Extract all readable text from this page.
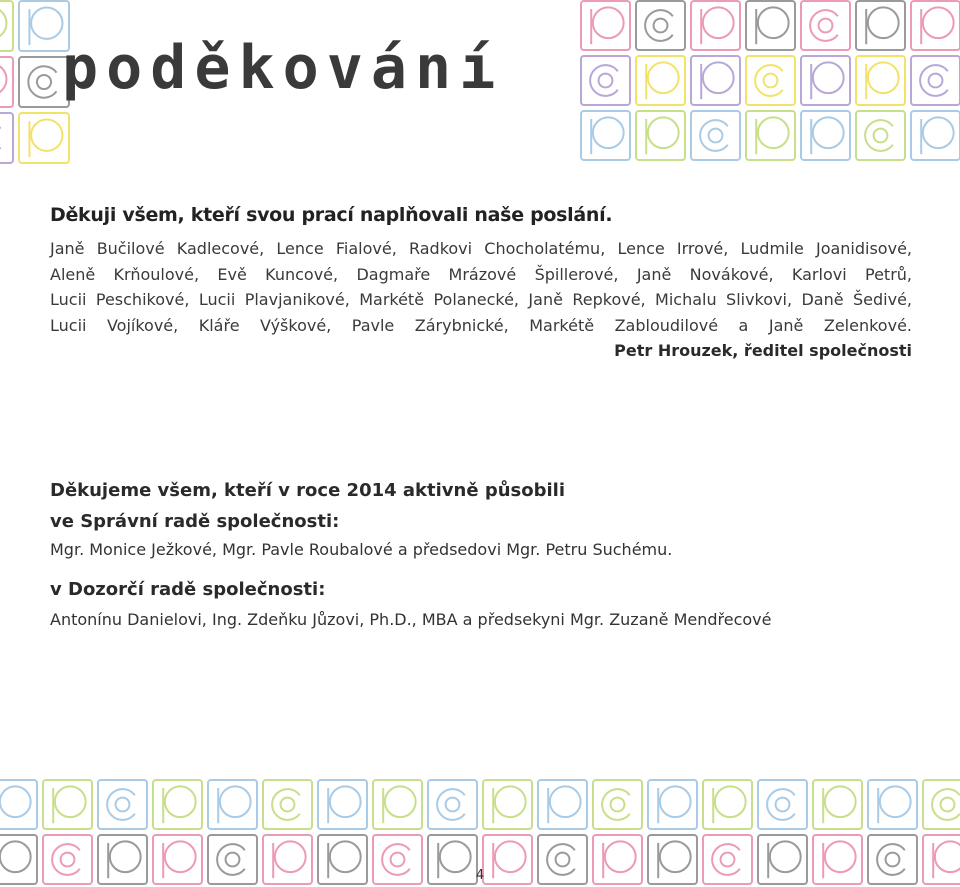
poděkování

Děkuji všem, kteří svou prací naplňovali naše poslání.

Janě Bučilové Kadlecové, Lence Fialové, Radkovi Chocholatému, Lence Irrové, Ludmile Joanidisové,

Aleně Krňoulové, Evě Kuncové, Dagmaře Mrázové Špillerové, Janě Novákové, Karlovi Petrů,

Lucii Peschikové, Lucii Plavjanikové, Markétě Polanecké, Janě Repkové, Michalu Slivkovi, Daně Šedivé,

Lucii Vojíkové, Kláře Výškové, Pavle Zárybnické, Markétě Zabloudilové a Janě Zelenkové.

Petr Hrouzek, ředitel společnosti

Děkujeme všem, kteří v roce 2014 aktivně působili

ve Správní radě společnosti:

Mgr. Monice Ježkové, Mgr. Pavle Roubalové a předsedovi Mgr. Petru Suchému.

v Dozorčí radě společnosti:

Antonínu Danielovi, Ing. Zdeňku Jůzovi, Ph.D., MBA a předsekyni Mgr. Zuzaně Mendřecové

4
